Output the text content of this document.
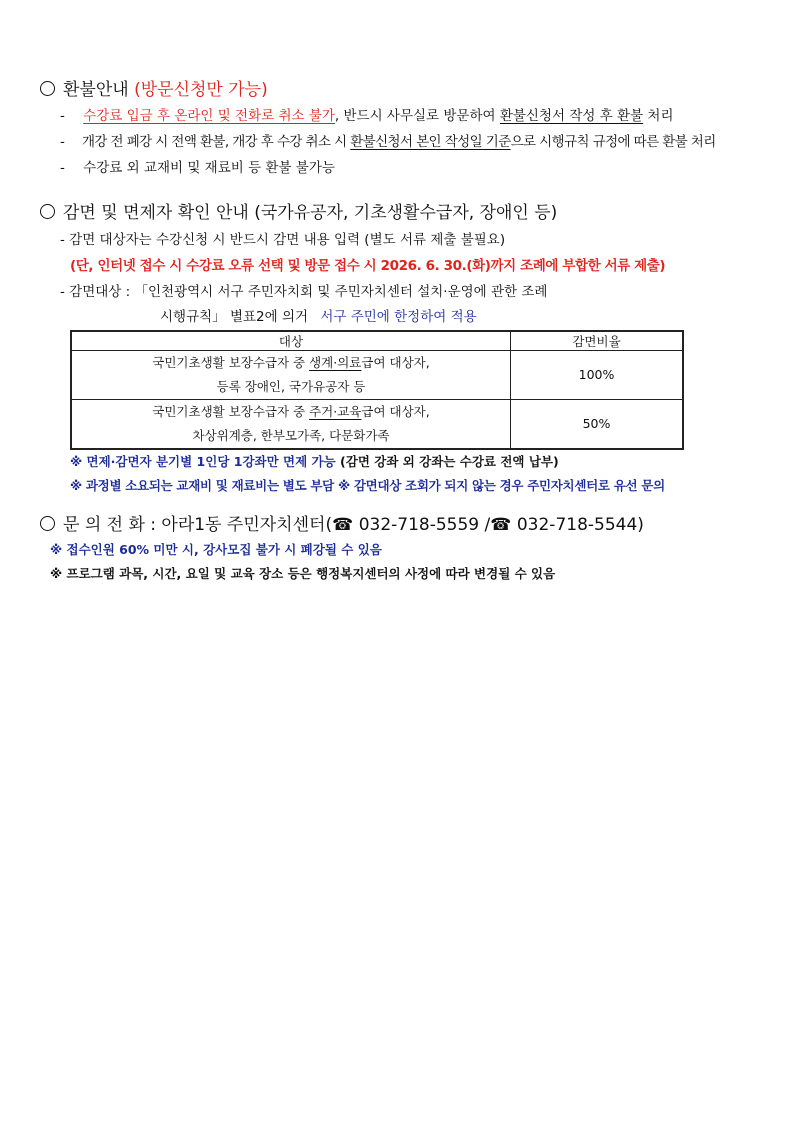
환불안내 (방문신청만 가능)
- 수강료 입금 후 온라인 및 전화로 취소 불가, 반드시 사무실로 방문하여 환불신청서 작성 후 환불 처리
- 개강 전 폐강 시 전액 환불, 개강 후 수강 취소 시 환불신청서 본인 작성일 기준으로 시행규칙 규정에 따른 환불 처리
- 수강료 외 교재비 및 재료비 등 환불 불가능
감면 및 면제자 확인 안내 (국가유공자, 기초생활수급자, 장애인 등)
- 감면 대상자는 수강신청 시 반드시 감면 내용 입력 (별도 서류 제출 불필요)
(단, 인터넷 접수 시 수강료 오류 선택 및 방문 접수 시 2026. 6. 30.(화)까지 조례에 부합한 서류 제출)
- 감면대상 : 「인천광역시 서구 주민자치회 및 주민자치센터 설치·운영에 관한 조례
시행규칙」 별표2에 의거 서구 주민에 한정하여 적용
대상	감면비율

국민기초생활 보장수급자 중 생계·의료급여 대상자,
등록 장애인, 국가유공자 등	100%

국민기초생활 보장수급자 중 주거·교육급여 대상자,
차상위계층, 한부모가족, 다문화가족	50%
※ 면제·감면자 분기별 1인당 1강좌만 면제 가능 (감면 강좌 외 강좌는 수강료 전액 납부)
※ 과정별 소요되는 교재비 및 재료비는 별도 부담 ※ 감면대상 조회가 되지 않는 경우 주민자치센터로 유선 문의
문 의 전 화 : 아라1동 주민자치센터(☎ 032-718-5559 /☎ 032-718-5544)
※ 접수인원 60% 미만 시, 강사모집 불가 시 폐강될 수 있음
※ 프로그램 과목, 시간, 요일 및 교육 장소 등은 행정복지센터의 사정에 따라 변경될 수 있음
